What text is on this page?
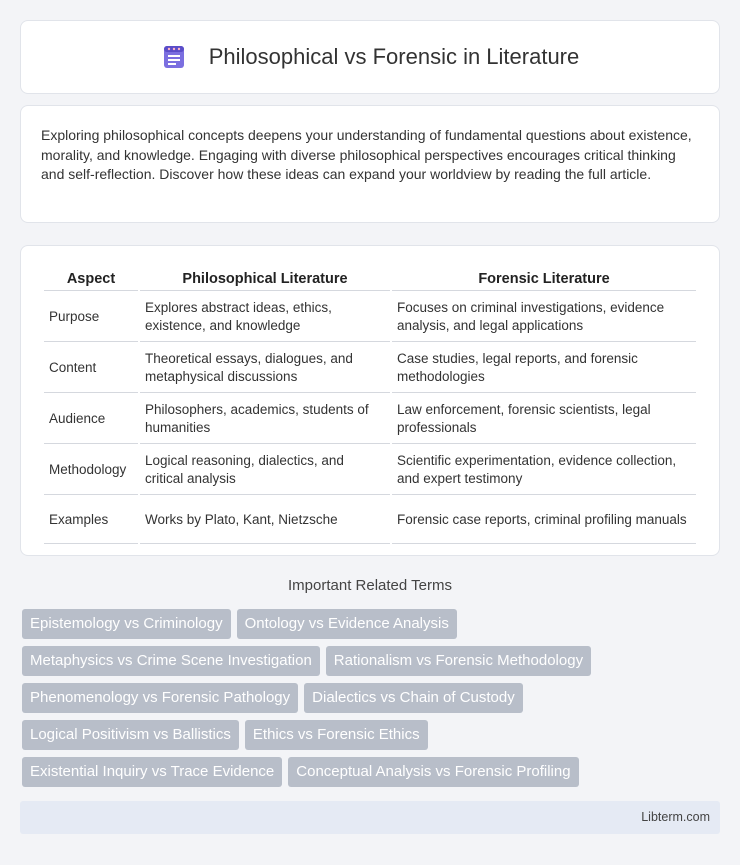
Philosophical vs Forensic in Literature

Exploring philosophical concepts deepens your understanding of fundamental questions about existence, morality, and knowledge. Engaging with diverse philosophical perspectives encourages critical thinking and self-reflection. Discover how these ideas can expand your worldview by reading the full article.

Aspect	Philosophical Literature	Forensic Literature
Purpose	Explores abstract ideas, ethics, existence, and knowledge	Focuses on criminal investigations, evidence analysis, and legal applications
Content	Theoretical essays, dialogues, and metaphysical discussions	Case studies, legal reports, and forensic methodologies
Audience	Philosophers, academics, students of humanities	Law enforcement, forensic scientists, legal professionals
Methodology	Logical reasoning, dialectics, and critical analysis	Scientific experimentation, evidence collection, and expert testimony
Examples	Works by Plato, Kant, Nietzsche	Forensic case reports, criminal profiling manuals
Important Related Terms
Epistemology vs Criminology	Ontology vs Evidence Analysis
Metaphysics vs Crime Scene Investigation	Rationalism vs Forensic Methodology
Phenomenology vs Forensic Pathology	Dialectics vs Chain of Custody
Logical Positivism vs Ballistics	Ethics vs Forensic Ethics
Existential Inquiry vs Trace Evidence	Conceptual Analysis vs Forensic Profiling
Libterm.com
